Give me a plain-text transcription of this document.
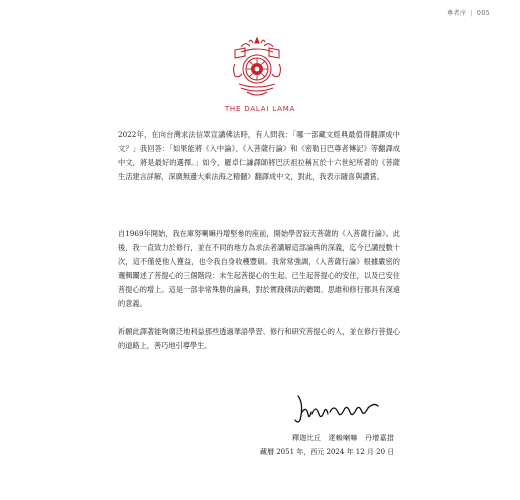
尊者序 | 005
THE DALAI LAMA

2022年，在向台灣求法信眾宣講佛法時，有人問我：「哪一部藏文經典最值得翻譯成中文？」我回答：「如果能將《入中論》、《入菩薩行論》和《密勒日巴尊者傳記》等翻譯成中文，將是最好的選擇。」如今，羅卓仁謙譯師將巴沃祖拉稱瓦於十六世紀所著的《菩薩生活建言詳解，深廣無邊大乘法海之精髓》翻譯成中文，對此，我表示隨喜與讚賞。

自1969年開始，我在庫努喇嘛丹增堅參的座前，開始學習寂天菩薩的《入菩薩行論》。此後，我一直致力於修行，並在不同的地方為求法者講解這部論典的深義，迄今已講授數十次，這不僅使他人獲益，也令我自身收穫豐碩。我常常強調，《入菩薩行論》根據嚴密的邏輯闡述了菩提心的三個階段：未生起菩提心的生起、已生起菩提心的安住，以及已安住菩提心的增上。這是一部非常殊勝的論典，對於實踐佛法的聽聞、思維和修行都具有深遠的意義。

祈願此譯著能夠廣泛地利益那些透過華語學習、修行和研究菩提心的人，並在修行菩提心的道路上，善巧地引導學生。

釋迦比丘　達賴喇嘛　丹增嘉措
藏曆 2051 年，西元 2024 年 12 月 20 日
